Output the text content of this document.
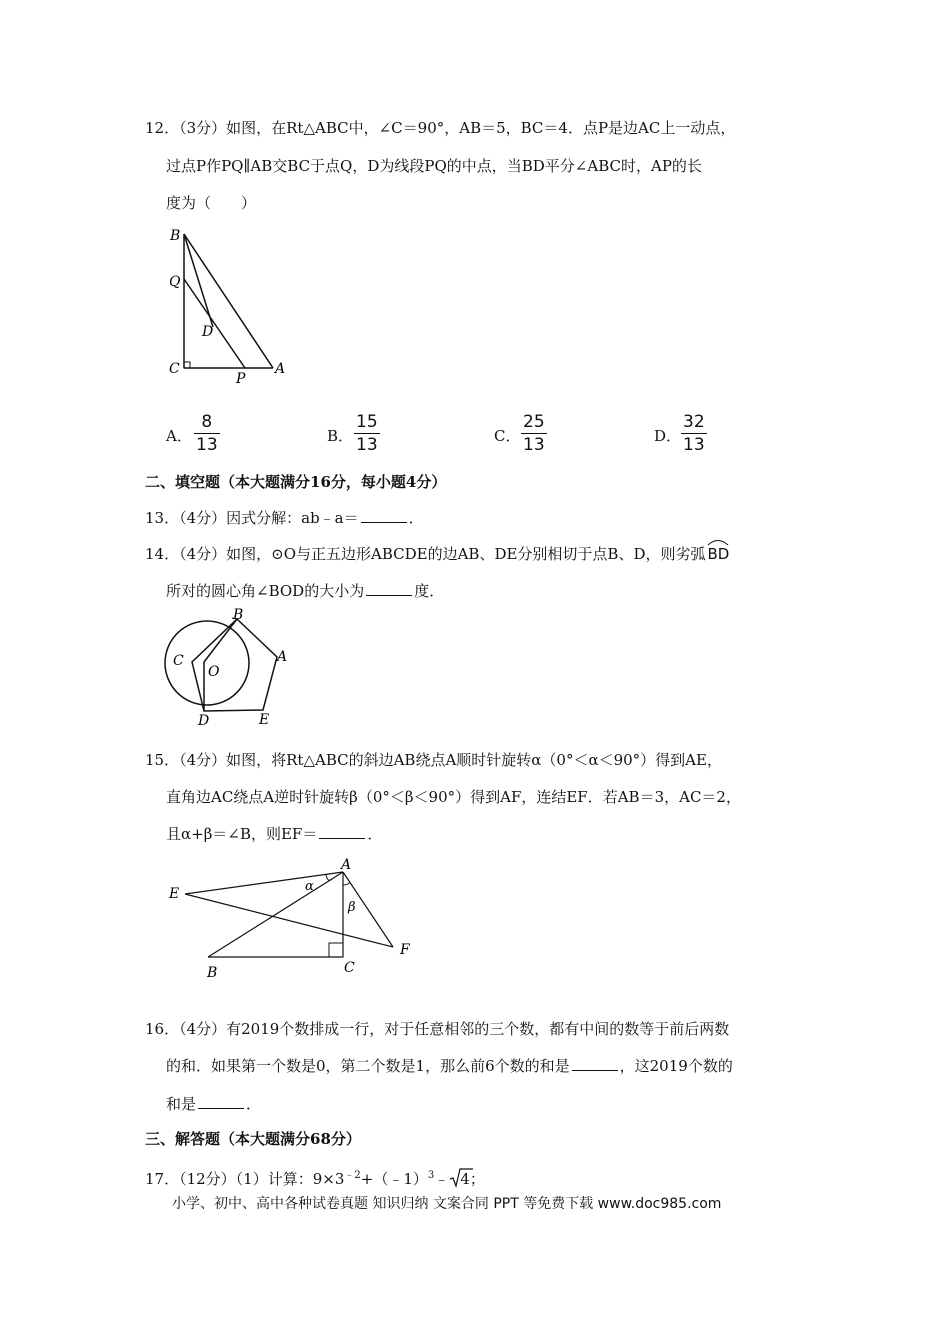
12．（3分）如图，在Rt△ABC中，∠C＝90°，AB＝5，BC＝4．点P是边AC上一动点，
过点P作PQ∥AB交BC于点Q，D为线段PQ的中点，当BD平分∠ABC时，AP的长
度为（　　）
B
Q
D
C
P
A
A．
8
13	B．
15
13	C．
25
13	D．
32
13
二、填空题（本大题满分16分，每小题4分）
13．（4分）因式分解：ab﹣a＝	．
14．（4分）如图，⊙O与正五边形ABCDE的边AB、DE分别相切于点B、D，则劣弧 BD
所对的圆心角∠BOD的大小为	度．
B
C
O
A
D	E
15．（4分）如图，将Rt△ABC的斜边AB绕点A顺时针旋转α（0°＜α＜90°）得到AE，
直角边AC绕点A逆时针旋转β（0°＜β＜90°）得到AF，连结EF．若AB＝3，AC＝2，
且α+β＝∠B，则EF＝	．
E
A
α
β
F
B	C
16．（4分）有2019个数排成一行，对于任意相邻的三个数，都有中间的数等于前后两数
的和．如果第一个数是0，第二个数是1，那么前6个数的和是	，这2019个数的
和是	．
三、解答题（本大题满分68分）
17．（12分）（1）计算：$9\times 3^{﹣2}+(﹣1)^3﹣$ 4；
小学、初中、高中各种试卷真题 知识归纳 文案合同 PPT 等免费下载 www.doc985.com
